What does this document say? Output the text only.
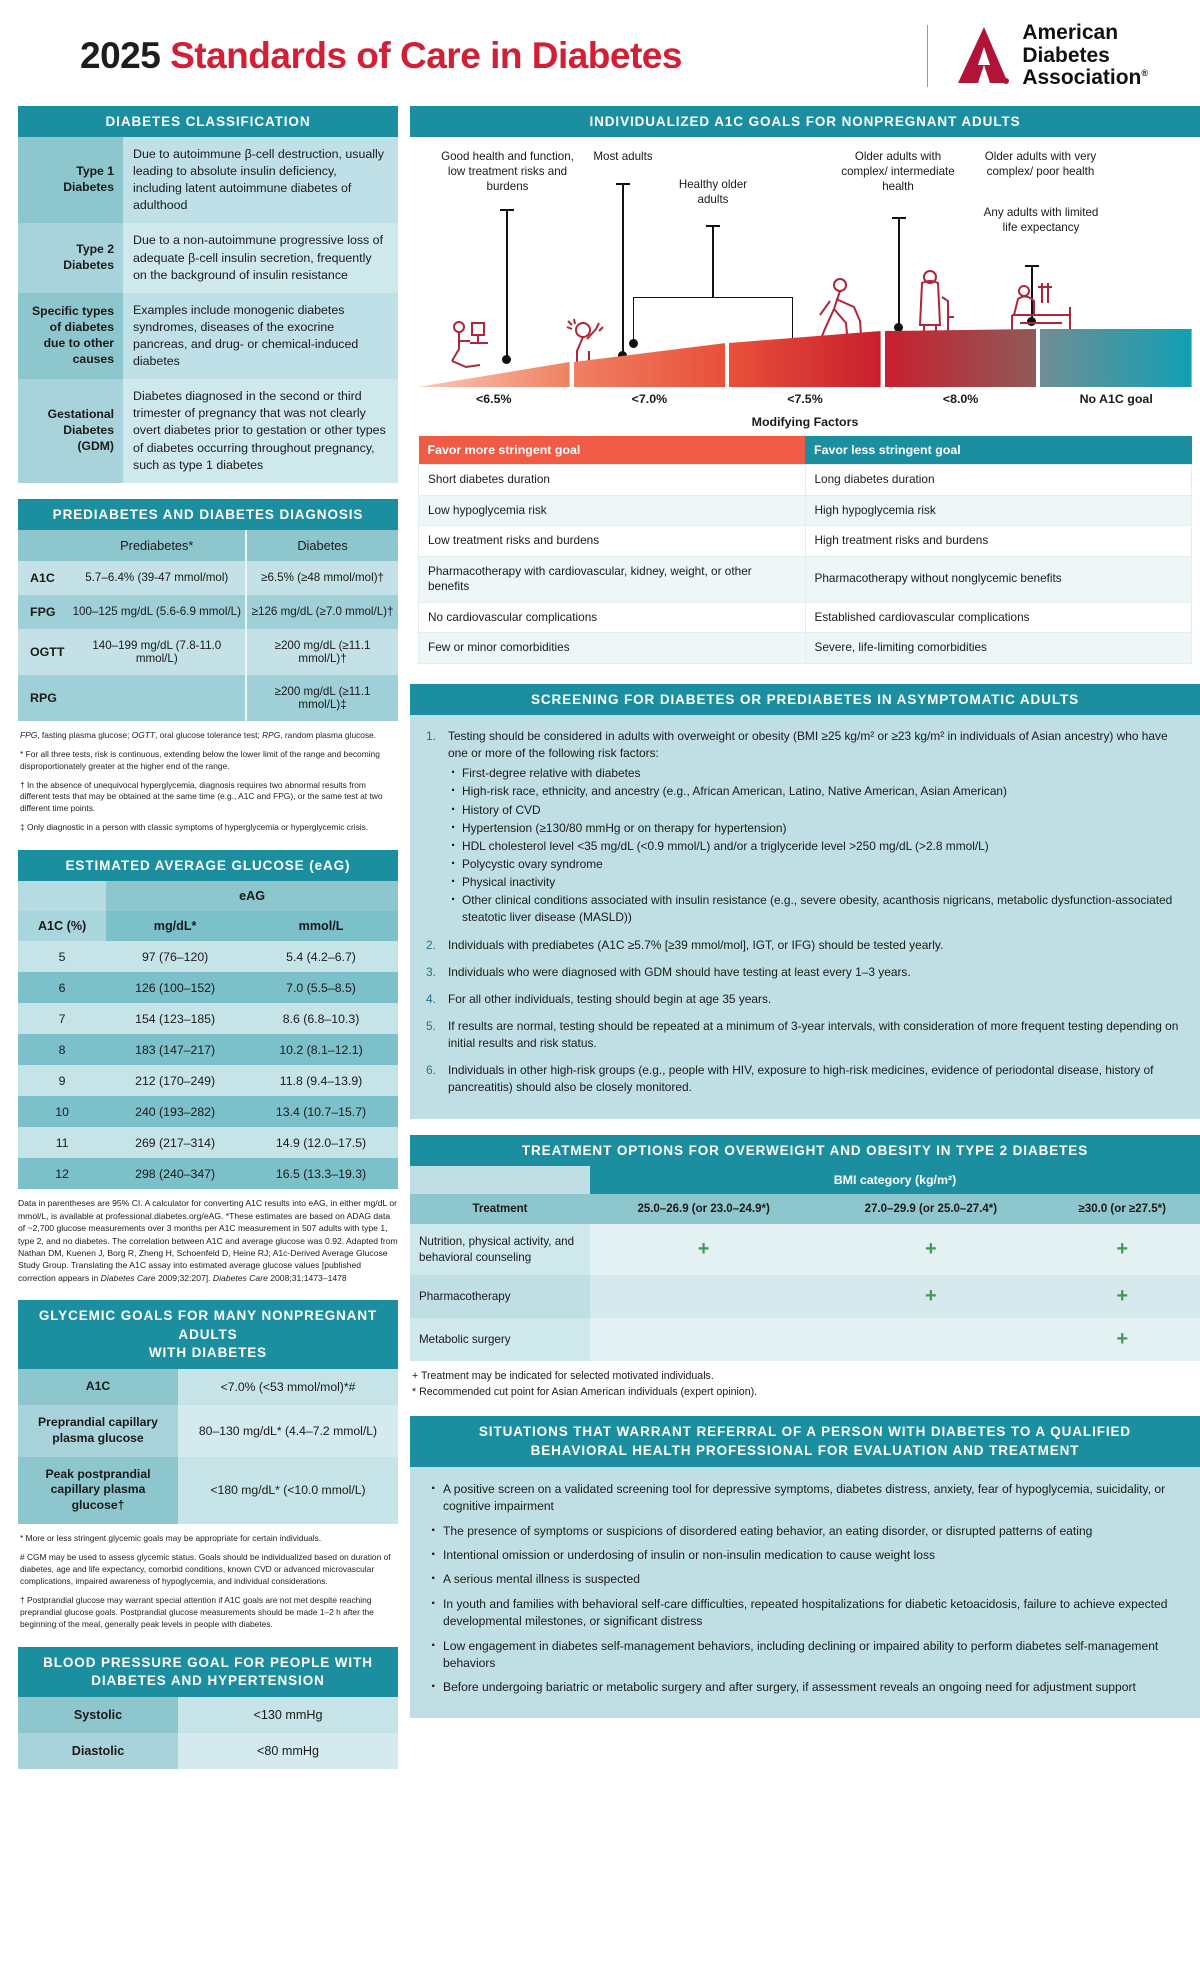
2025 Standards of Care in Diabetes
American
Diabetes
Association®
DIABETES CLASSIFICATION
Type 1 Diabetes	Due to autoimmune β-cell destruction, usually leading to absolute insulin deficiency, including latent autoimmune diabetes of adulthood
Type 2 Diabetes	Due to a non-autoimmune progressive loss of adequate β-cell insulin secretion, frequently on the background of insulin resistance
Specific types of diabetes due to other causes	Examples include monogenic diabetes syndromes, diseases of the exocrine pancreas, and drug- or chemical-induced diabetes
Gestational Diabetes (GDM)	Diabetes diagnosed in the second or third trimester of pregnancy that was not clearly overt diabetes prior to gestation or other types of diabetes occurring throughout pregnancy, such as type 1 diabetes
PREDIABETES AND DIABETES DIAGNOSIS
	Prediabetes*	Diabetes
A1C	5.7–6.4% (39-47 mmol/mol)	≥6.5% (≥48 mmol/mol)†
FPG	100–125 mg/dL (5.6-6.9 mmol/L)	≥126 mg/dL (≥7.0 mmol/L)†
OGTT	140–199 mg/dL (7.8-11.0 mmol/L)	≥200 mg/dL (≥11.1 mmol/L)†
RPG		≥200 mg/dL (≥11.1 mmol/L)‡

FPG, fasting plasma glucose; OGTT, oral glucose tolerance test; RPG, random plasma glucose.

* For all three tests, risk is continuous, extending below the lower limit of the range and becoming disproportionately greater at the higher end of the range.

† In the absence of unequivocal hyperglycemia, diagnosis requires two abnormal results from different tests that may be obtained at the same time (e.g., A1C and FPG), or the same test at two different time points.

‡ Only diagnostic in a person with classic symptoms of hyperglycemia or hyperglycemic crisis.

ESTIMATED AVERAGE GLUCOSE (eAG)
	eAG	
A1C (%)	mg/dL*	mmol/L
5	97 (76–120)	5.4 (4.2–6.7)
6	126 (100–152)	7.0 (5.5–8.5)
7	154 (123–185)	8.6 (6.8–10.3)
8	183 (147–217)	10.2 (8.1–12.1)
9	212 (170–249)	11.8 (9.4–13.9)
10	240 (193–282)	13.4 (10.7–15.7)
11	269 (217–314)	14.9 (12.0–17.5)
12	298 (240–347)	16.5 (13.3–19.3)
Data in parentheses are 95% CI. A calculator for converting A1C results into eAG, in either mg/dL or mmol/L, is available at professional.diabetes.org/eAG. *These estimates are based on ADAG data of ~2,700 glucose measurements over 3 months per A1C measurement in 507 adults with type 1, type 2, and no diabetes. The correlation between A1C and average glucose was 0.92. Adapted from Nathan DM, Kuenen J, Borg R, Zheng H, Schoenfeld D, Heine RJ; A1c-Derived Average Glucose Study Group. Translating the A1C assay into estimated average glucose values [published correction appears in Diabetes Care 2009;32:207]. Diabetes Care 2008;31:1473–1478
GLYCEMIC GOALS FOR MANY NONPREGNANT ADULTS
WITH DIABETES
A1C	<7.0% (<53 mmol/mol)*#
Preprandial capillary plasma glucose	80–130 mg/dL* (4.4–7.2 mmol/L)
Peak postprandial capillary plasma glucose†	<180 mg/dL* (<10.0 mmol/L)

* More or less stringent glycemic goals may be appropriate for certain individuals.

# CGM may be used to assess glycemic status. Goals should be individualized based on duration of diabetes, age and life expectancy, comorbid conditions, known CVD or advanced microvascular complications, impaired awareness of hypoglycemia, and individual considerations.

† Postprandial glucose may warrant special attention if A1C goals are not met despite reaching preprandial glucose goals. Postprandial glucose measurements should be made 1–2 h after the beginning of the meal, generally peak levels in people with diabetes.

BLOOD PRESSURE GOAL FOR PEOPLE WITH
DIABETES AND HYPERTENSION
Systolic	<130 mmHg
Diastolic	<80 mmHg
INDIVIDUALIZED A1C GOALS FOR NONPREGNANT ADULTS
Good health and function, low treatment risks and burdens
Most adults
Healthy older adults
Older adults with complex/ intermediate health
Older adults with very complex/ poor health
Any adults with limited life expectancy
<6.5%	<7.0%	<7.5%	<8.0%	No A1C goal
Modifying Factors
Favor more stringent goal	Favor less stringent goal
Short diabetes duration	Long diabetes duration
Low hypoglycemia risk	High hypoglycemia risk
Low treatment risks and burdens	High treatment risks and burdens
Pharmacotherapy with cardiovascular, kidney, weight, or other benefits	Pharmacotherapy without nonglycemic benefits
No cardiovascular complications	Established cardiovascular complications
Few or minor comorbidities	Severe, life-limiting comorbidities
SCREENING FOR DIABETES OR PREDIABETES IN ASYMPTOMATIC ADULTS
Testing should be considered in adults with overweight or obesity (BMI ≥25 kg/m² or ≥23 kg/m² in individuals of Asian ancestry) who have one or more of the following risk factors:
· First-degree relative with diabetes
· High-risk race, ethnicity, and ancestry (e.g., African American, Latino, Native American, Asian American)
· History of CVD
· Hypertension (≥130/80 mmHg or on therapy for hypertension)
· HDL cholesterol level <35 mg/dL (<0.9 mmol/L) and/or a triglyceride level >250 mg/dL (>2.8 mmol/L)
· Polycystic ovary syndrome
· Physical inactivity
· Other clinical conditions associated with insulin resistance (e.g., severe obesity, acanthosis nigricans, metabolic dysfunction-associated steatotic liver disease (MASLD))
Individuals with prediabetes (A1C ≥5.7% [≥39 mmol/mol], IGT, or IFG) should be tested yearly.
Individuals who were diagnosed with GDM should have testing at least every 1–3 years.
For all other individuals, testing should begin at age 35 years.
If results are normal, testing should be repeated at a minimum of 3-year intervals, with consideration of more frequent testing depending on initial results and risk status.
Individuals in other high-risk groups (e.g., people with HIV, exposure to high-risk medicines, evidence of periodontal disease, history of pancreatitis) should also be closely monitored.
TREATMENT OPTIONS FOR OVERWEIGHT AND OBESITY IN TYPE 2 DIABETES
	BMI category (kg/m²)		
Treatment	25.0–26.9 (or 23.0–24.9*)	27.0–29.9 (or 25.0–27.4*)	≥30.0 (or ≥27.5*)
Nutrition, physical activity, and behavioral counseling	+	+	+
Pharmacotherapy		+	+
Metabolic surgery			+
+ Treatment may be indicated for selected motivated individuals.
* Recommended cut point for Asian American individuals (expert opinion).
SITUATIONS THAT WARRANT REFERRAL OF A PERSON WITH DIABETES TO A QUALIFIED
BEHAVIORAL HEALTH PROFESSIONAL FOR EVALUATION AND TREATMENT
· A positive screen on a validated screening tool for depressive symptoms, diabetes distress, anxiety, fear of hypoglycemia, suicidality, or cognitive impairment
· The presence of symptoms or suspicions of disordered eating behavior, an eating disorder, or disrupted patterns of eating
· Intentional omission or underdosing of insulin or non-insulin medication to cause weight loss
· A serious mental illness is suspected
· In youth and families with behavioral self-care difficulties, repeated hospitalizations for diabetic ketoacidosis, failure to achieve expected developmental milestones, or significant distress
· Low engagement in diabetes self-management behaviors, including declining or impaired ability to perform diabetes self-management behaviors
· Before undergoing bariatric or metabolic surgery and after surgery, if assessment reveals an ongoing need for adjustment support
